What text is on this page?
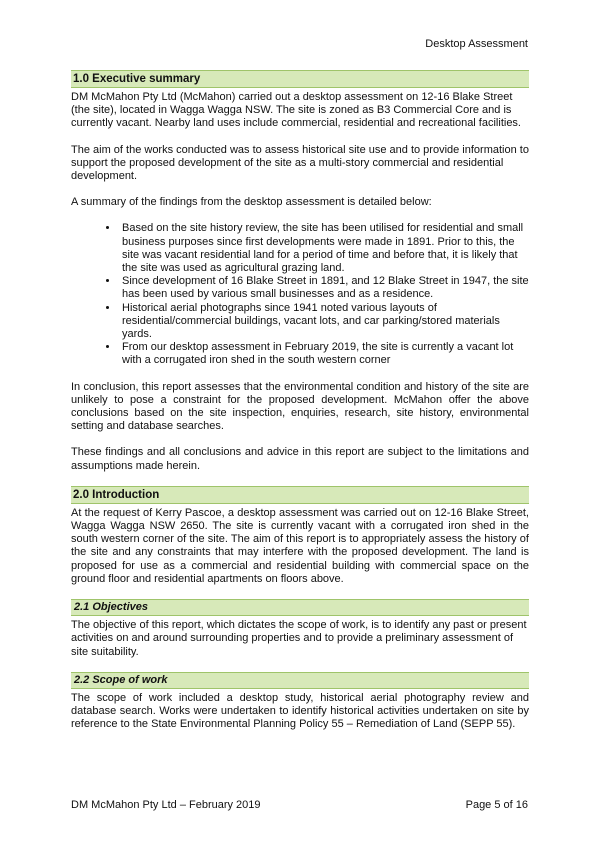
Desktop Assessment
1.0 Executive summary

DM McMahon Pty Ltd (McMahon) carried out a desktop assessment on 12-16 Blake Street (the site), located in Wagga Wagga NSW. The site is zoned as B3 Commercial Core and is currently vacant. Nearby land uses include commercial, residential and recreational facilities.

The aim of the works conducted was to assess historical site use and to provide information to support the proposed development of the site as a multi-story commercial and residential development.

A summary of the findings from the desktop assessment is detailed below:

• Based on the site history review, the site has been utilised for residential and small business purposes since first developments were made in 1891. Prior to this, the site was vacant residential land for a period of time and before that, it is likely that the site was used as agricultural grazing land.
• Since development of 16 Blake Street in 1891, and 12 Blake Street in 1947, the site has been used by various small businesses and as a residence.
• Historical aerial photographs since 1941 noted various layouts of residential/commercial buildings, vacant lots, and car parking/stored materials yards.
• From our desktop assessment in February 2019, the site is currently a vacant lot with a corrugated iron shed in the south western corner

In conclusion, this report assesses that the environmental condition and history of the site are unlikely to pose a constraint for the proposed development. McMahon offer the above conclusions based on the site inspection, enquiries, research, site history, environmental setting and database searches.

These findings and all conclusions and advice in this report are subject to the limitations and assumptions made herein.

2.0 Introduction

At the request of Kerry Pascoe, a desktop assessment was carried out on 12-16 Blake Street, Wagga Wagga NSW 2650. The site is currently vacant with a corrugated iron shed in the south western corner of the site. The aim of this report is to appropriately assess the history of the site and any constraints that may interfere with the proposed development. The land is proposed for use as a commercial and residential building with commercial space on the ground floor and residential apartments on floors above.

2.1 Objectives

The objective of this report, which dictates the scope of work, is to identify any past or present activities on and around surrounding properties and to provide a preliminary assessment of site suitability.

2.2 Scope of work

The scope of work included a desktop study, historical aerial photography review and database search. Works were undertaken to identify historical activities undertaken on site by reference to the State Environmental Planning Policy 55 – Remediation of Land (SEPP 55).

DM McMahon Pty Ltd – February 2019	Page 5 of 16
